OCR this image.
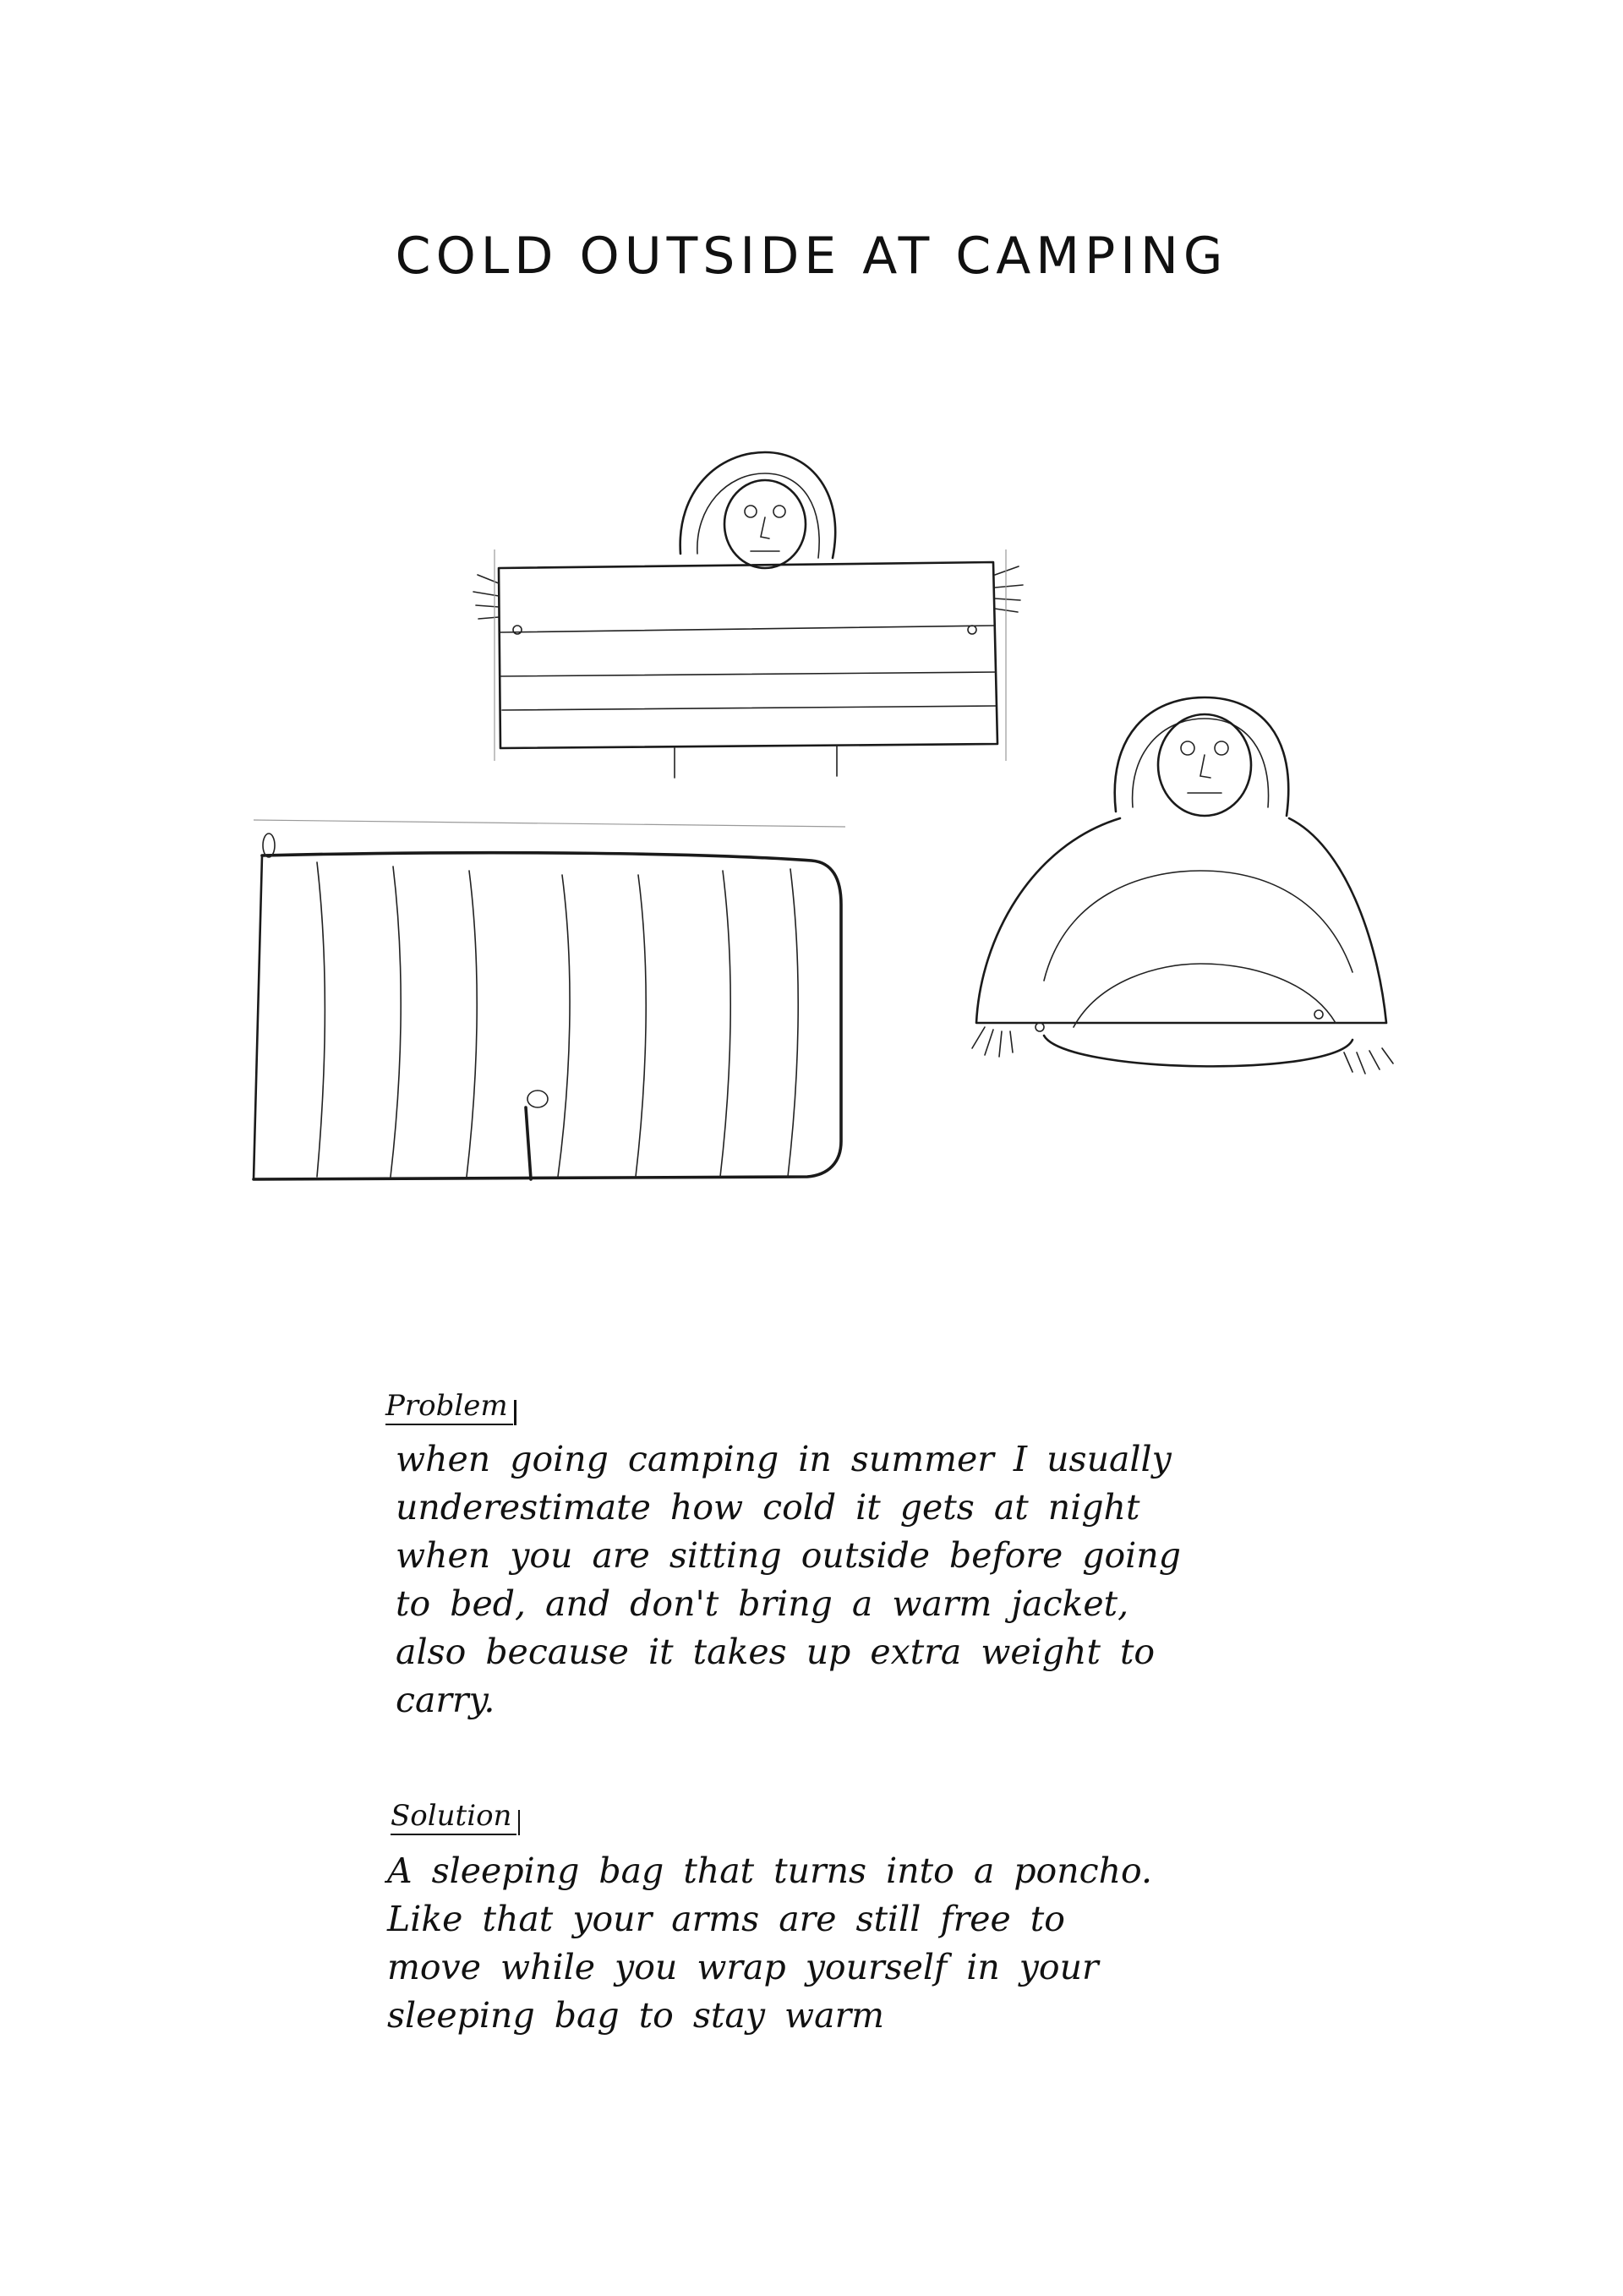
COLD OUTSIDE AT CAMPING
Problem
when going camping in summer I usually
underestimate how cold it gets at night
when you are sitting outside before going
to bed, and don't bring a warm jacket,
also because it takes up extra weight to
carry.
Solution
A sleeping bag that turns into a poncho.
Like that your arms are still free to
move while you wrap yourself in your
sleeping bag to stay warm
